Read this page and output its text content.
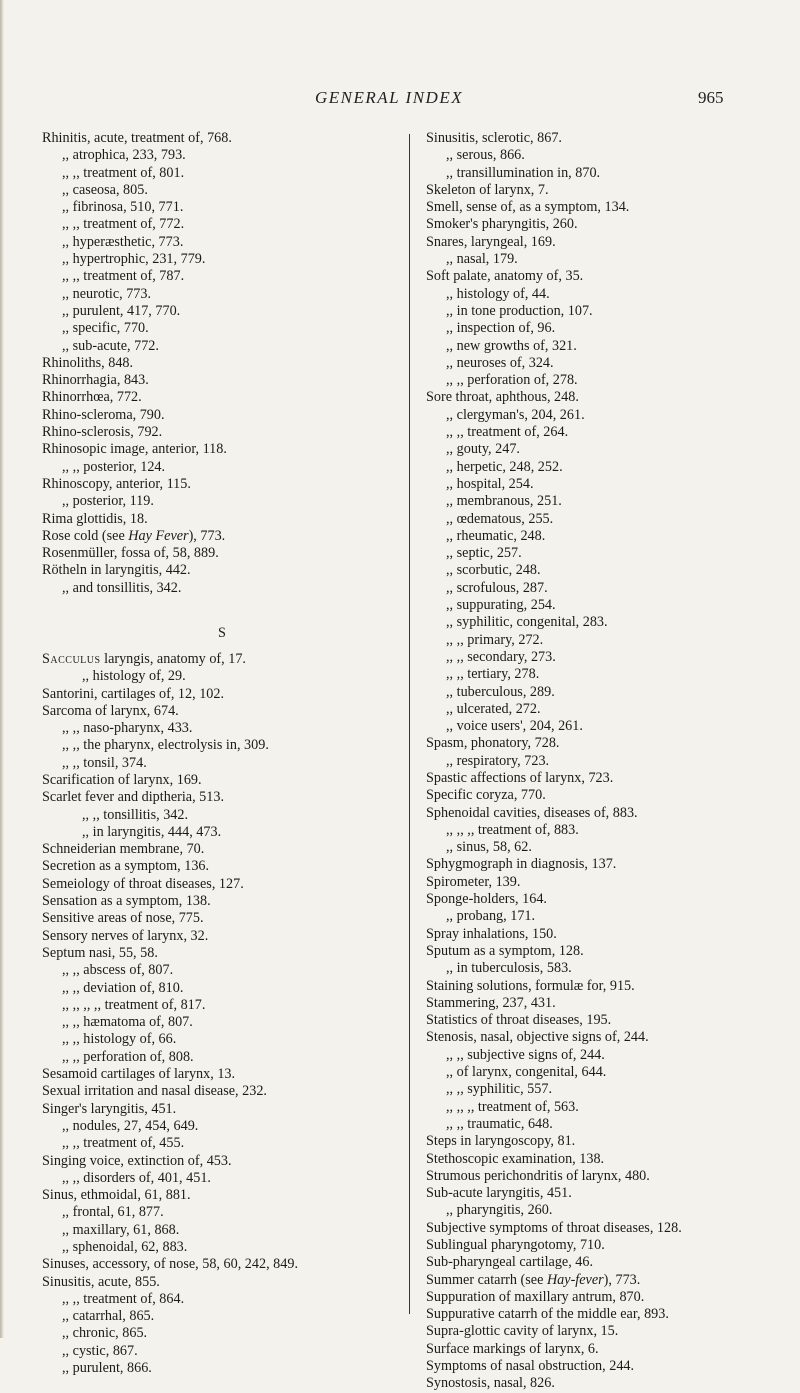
GENERAL INDEX	965
Rhinitis, acute, treatment of, 768.
,, atrophica, 233, 793.
,, ,, treatment of, 801.
,, caseosa, 805.
,, fibrinosa, 510, 771.
,, ,, treatment of, 772.
,, hyperæsthetic, 773.
,, hypertrophic, 231, 779.
,, ,, treatment of, 787.
,, neurotic, 773.
,, purulent, 417, 770.
,, specific, 770.
,, sub-acute, 772.
Rhinoliths, 848.
Rhinorrhagia, 843.
Rhinorrhœa, 772.
Rhino-scleroma, 790.
Rhino-sclerosis, 792.
Rhinosopic image, anterior, 118.
,, ,, posterior, 124.
Rhinoscopy, anterior, 115.
,, posterior, 119.
Rima glottidis, 18.
Rose cold (see Hay Fever), 773.
Rosenmüller, fossa of, 58, 889.
Rötheln in laryngitis, 442.
,, and tonsillitis, 342.
S
Sacculus laryngis, anatomy of, 17.
,, histology of, 29.
Santorini, cartilages of, 12, 102.
Sarcoma of larynx, 674.
,, ,, naso-pharynx, 433.
,, ,, the pharynx, electrolysis in, 309.
,, ,, tonsil, 374.
Scarification of larynx, 169.
Scarlet fever and diptheria, 513.
,, ,, tonsillitis, 342.
,, in laryngitis, 444, 473.
Schneiderian membrane, 70.
Secretion as a symptom, 136.
Semeiology of throat diseases, 127.
Sensation as a symptom, 138.
Sensitive areas of nose, 775.
Sensory nerves of larynx, 32.
Septum nasi, 55, 58.
,, ,, abscess of, 807.
,, ,, deviation of, 810.
,, ,, ,, ,, treatment of, 817.
,, ,, hæmatoma of, 807.
,, ,, histology of, 66.
,, ,, perforation of, 808.
Sesamoid cartilages of larynx, 13.
Sexual irritation and nasal disease, 232.
Singer's laryngitis, 451.
,, nodules, 27, 454, 649.
,, ,, treatment of, 455.
Singing voice, extinction of, 453.
,, ,, disorders of, 401, 451.
Sinus, ethmoidal, 61, 881.
,, frontal, 61, 877.
,, maxillary, 61, 868.
,, sphenoidal, 62, 883.
Sinuses, accessory, of nose, 58, 60, 242, 849.
Sinusitis, acute, 855.
,, ,, treatment of, 864.
,, catarrhal, 865.
,, chronic, 865.
,, cystic, 867.
,, purulent, 866.
Sinusitis, sclerotic, 867.
,, serous, 866.
,, transillumination in, 870.
Skeleton of larynx, 7.
Smell, sense of, as a symptom, 134.
Smoker's pharyngitis, 260.
Snares, laryngeal, 169.
,, nasal, 179.
Soft palate, anatomy of, 35.
,, histology of, 44.
,, in tone production, 107.
,, inspection of, 96.
,, new growths of, 321.
,, neuroses of, 324.
,, ,, perforation of, 278.
Sore throat, aphthous, 248.
,, clergyman's, 204, 261.
,, ,, treatment of, 264.
,, gouty, 247.
,, herpetic, 248, 252.
,, hospital, 254.
,, membranous, 251.
,, œdematous, 255.
,, rheumatic, 248.
,, septic, 257.
,, scorbutic, 248.
,, scrofulous, 287.
,, suppurating, 254.
,, syphilitic, congenital, 283.
,, ,, primary, 272.
,, ,, secondary, 273.
,, ,, tertiary, 278.
,, tuberculous, 289.
,, ulcerated, 272.
,, voice users', 204, 261.
Spasm, phonatory, 728.
,, respiratory, 723.
Spastic affections of larynx, 723.
Specific coryza, 770.
Sphenoidal cavities, diseases of, 883.
,, ,, ,, treatment of, 883.
,, sinus, 58, 62.
Sphygmograph in diagnosis, 137.
Spirometer, 139.
Sponge-holders, 164.
,, probang, 171.
Spray inhalations, 150.
Sputum as a symptom, 128.
,, in tuberculosis, 583.
Staining solutions, formulæ for, 915.
Stammering, 237, 431.
Statistics of throat diseases, 195.
Stenosis, nasal, objective signs of, 244.
,, ,, subjective signs of, 244.
,, of larynx, congenital, 644.
,, ,, syphilitic, 557.
,, ,, ,, treatment of, 563.
,, ,, traumatic, 648.
Steps in laryngoscopy, 81.
Stethoscopic examination, 138.
Strumous perichondritis of larynx, 480.
Sub-acute laryngitis, 451.
,, pharyngitis, 260.
Subjective symptoms of throat diseases, 128.
Sublingual pharyngotomy, 710.
Sub-pharyngeal cartilage, 46.
Summer catarrh (see Hay-fever), 773.
Suppuration of maxillary antrum, 870.
Suppurative catarrh of the middle ear, 893.
Supra-glottic cavity of larynx, 15.
Surface markings of larynx, 6.
Symptoms of nasal obstruction, 244.
Synostosis, nasal, 826.
